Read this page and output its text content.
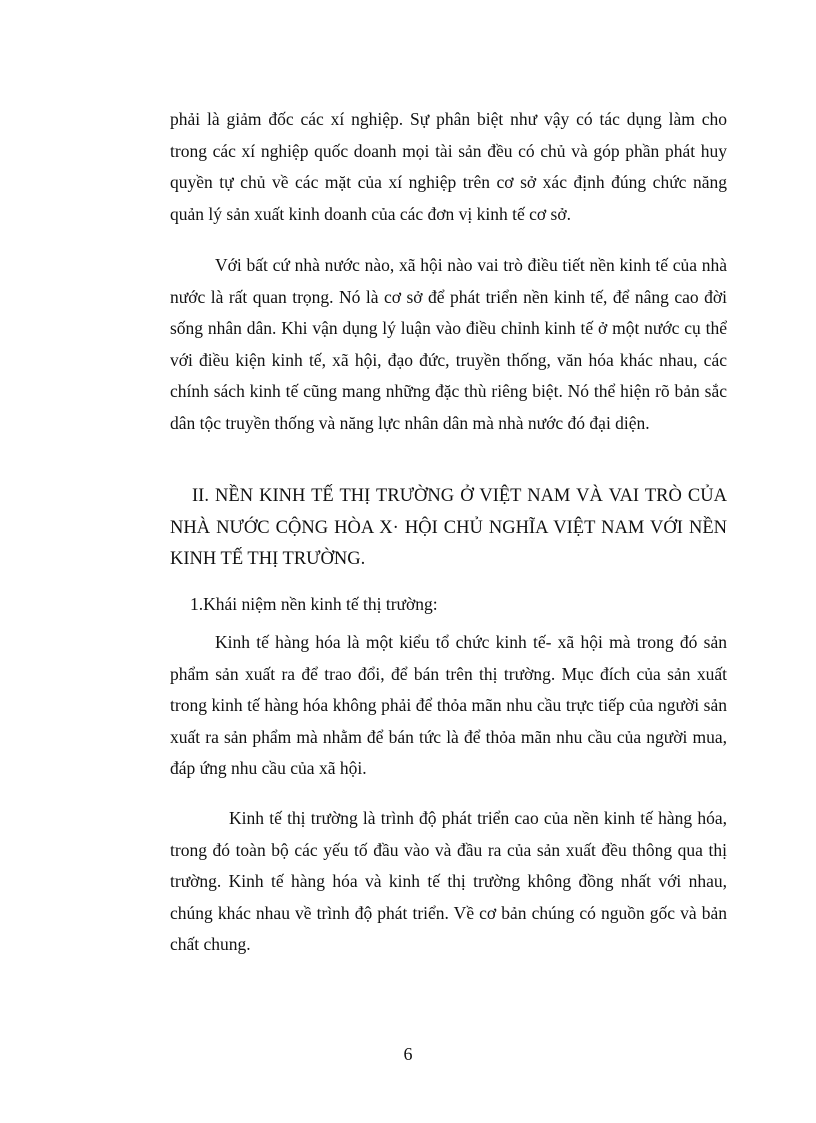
phải là giảm đốc các xí nghiệp. Sự phân biệt như vậy có tác dụng làm cho trong các xí nghiệp quốc doanh mọi tài sản đều có chủ và góp phần phát huy quyền tự chủ về các mặt của xí nghiệp trên cơ sở xác định đúng chức năng quản lý sản xuất kinh doanh của các đơn vị kinh tế cơ sở.

Với bất cứ nhà nước nào, xã hội nào vai trò điều tiết nền kinh tế của nhà nước là rất quan trọng. Nó là cơ sở để phát triển nền kinh tế, để nâng cao đời sống nhân dân. Khi vận dụng lý luận vào điều chỉnh kinh tế ở một nước cụ thể với điều kiện kinh tế, xã hội, đạo đức, truyền thống, văn hóa khác nhau, các chính sách kinh tế cũng mang những đặc thù riêng biệt. Nó thể hiện rõ bản sắc dân tộc truyền thống và năng lực nhân dân mà nhà nước đó đại diện.

II. NỀN KINH TẾ THỊ TRƯỜNG Ở VIỆT NAM VÀ VAI TRÒ CỦA NHÀ NƯỚC CỘNG HÒA X· HỘI CHỦ NGHĨA VIỆT NAM VỚI NỀN KINH TẾ THỊ TRƯỜNG.

1.Khái niệm nền kinh tế thị trường:

Kinh tế hàng hóa là một kiểu tổ chức kinh tế- xã hội mà trong đó sản phẩm sản xuất ra để trao đổi, để bán trên thị trường. Mục đích của sản xuất trong kinh tế hàng hóa không phải để thỏa mãn nhu cầu trực tiếp của người sản xuất ra sản phẩm mà nhằm để bán tức là để thỏa mãn nhu cầu của người mua, đáp ứng nhu cầu của xã hội.

Kinh tế thị trường là trình độ phát triển cao của nền kinh tế hàng hóa, trong đó toàn bộ các yếu tố đầu vào và đầu ra của sản xuất đều thông qua thị trường. Kinh tế hàng hóa và kinh tế thị trường không đồng nhất với nhau, chúng khác nhau về trình độ phát triển. Về cơ bản chúng có nguồn gốc và bản chất chung.

6
